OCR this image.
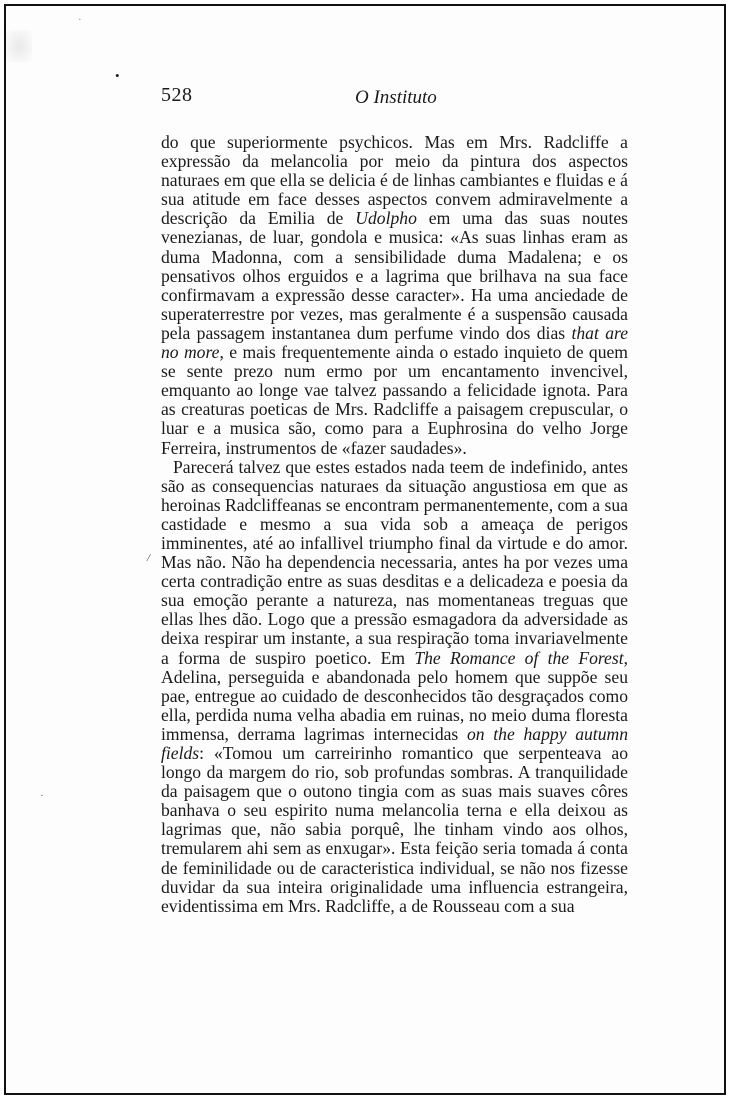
·
•
528	O Instituto

do que superiormente psychicos. Mas em Mrs. Radcliffe a expressão da melancolia por meio da pintura dos aspectos naturaes em que ella se delicia é de linhas cambiantes e fluidas e á sua atitude em face desses aspectos convem admiravelmente a descrição da Emilia de Udolpho em uma das suas noutes venezianas, de luar, gondola e musica: «As suas linhas eram as duma Madonna, com a sensibilidade duma Madalena; e os pensativos olhos erguidos e a lagrima que brilhava na sua face confirmavam a expressão desse caracter». Ha uma anciedade de superaterrestre por vezes, mas geralmente é a suspensão causada pela passagem instantanea dum perfume vindo dos dias that are no more, e mais frequentemente ainda o estado inquieto de quem se sente prezo num ermo por um encantamento invencivel, emquanto ao longe vae talvez passando a felicidade ignota. Para as creaturas poeticas de Mrs. Radcliffe a paisagem crepuscular, o luar e a musica são, como para a Euphrosina do velho Jorge Ferreira, instrumentos de «fazer saudades».

Parecerá talvez que estes estados nada teem de indefinido, antes são as consequencias naturaes da situação angustiosa em que as heroinas Radcliffeanas se encontram permanentemente, com a sua castidade e mesmo a sua vida sob a ameaça de perigos imminentes, até ao infallivel triumpho final da virtude e do amor. Mas não. Não ha dependencia necessaria, antes ha por vezes uma certa contradição entre as suas desditas e a delicadeza e poesia da sua emoção perante a natureza, nas momentaneas treguas que ellas lhes dão. Logo que a pressão esmagadora da adversidade as deixa respirar um instante, a sua respiração toma invariavelmente a forma de suspiro poetico. Em The Romance of the Forest, Adelina, perseguida e abandonada pelo homem que suppõe seu pae, entregue ao cuidado de desconhecidos tão desgraçados como ella, perdida numa velha abadia em ruinas, no meio duma floresta immensa, derrama lagrimas internecidas on the happy autumn fields: «Tomou um carreirinho romantico que serpenteava ao longo da margem do rio, sob profundas sombras. A tranquilidade da paisagem que o outono tingia com as suas mais suaves côres banhava o seu espirito numa melancolia terna e ella deixou as lagrimas que, não sabia porquê, lhe tinham vindo aos olhos, tremularem ahi sem as enxugar». Esta feição seria tomada á conta de feminilidade ou de caracteristica individual, se não nos fizesse duvidar da sua inteira originalidade uma influencia estrangeira, evidentissima em Mrs. Radcliffe, a de Rousseau com a sua

/
·
